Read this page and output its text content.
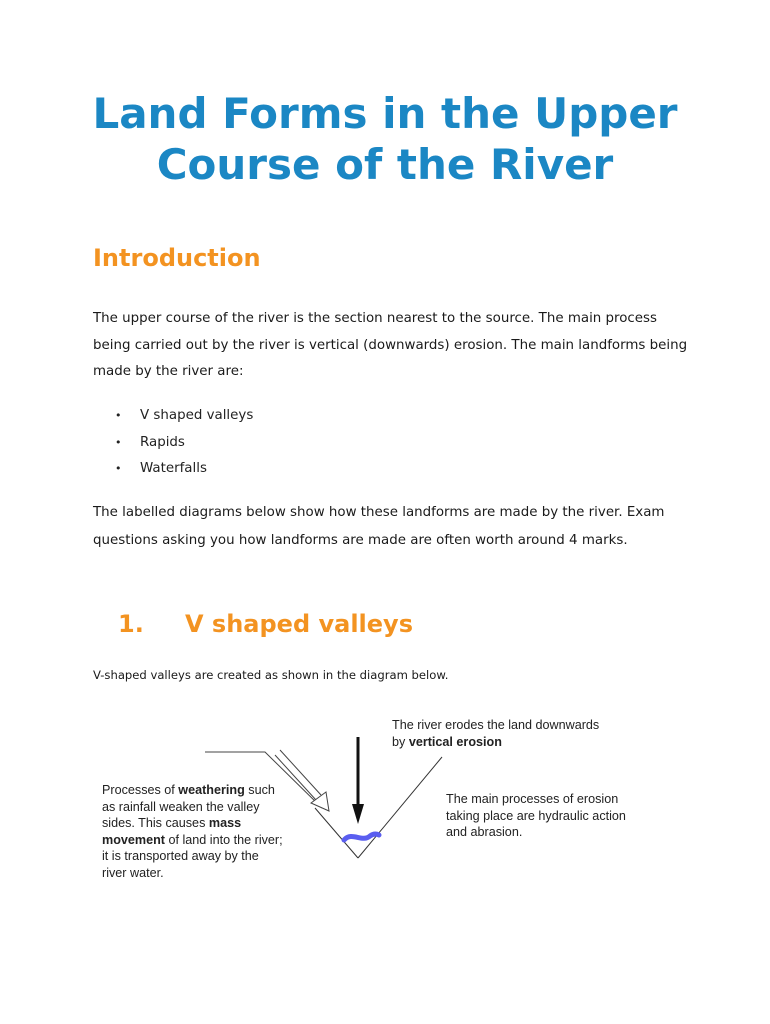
Land Forms in the Upper
Course of the River
Introduction
The upper course of the river is the section nearest to the source. The main process being carried out by the river is vertical (downwards) erosion. The main landforms being made by the river are:
• V shaped valleys
• Rapids
• Waterfalls
The labelled diagrams below show how these landforms are made by the river. Exam questions asking you how landforms are made are often worth around 4 marks.
1. V shaped valleys
V-shaped valleys are created as shown in the diagram below.
The river erodes the land downwards
by vertical erosion
Processes of weathering such as rainfall weaken the valley sides. This causes mass movement of land into the river; it is transported away by the river water.
The main processes of erosion taking place are hydraulic action and abrasion.
